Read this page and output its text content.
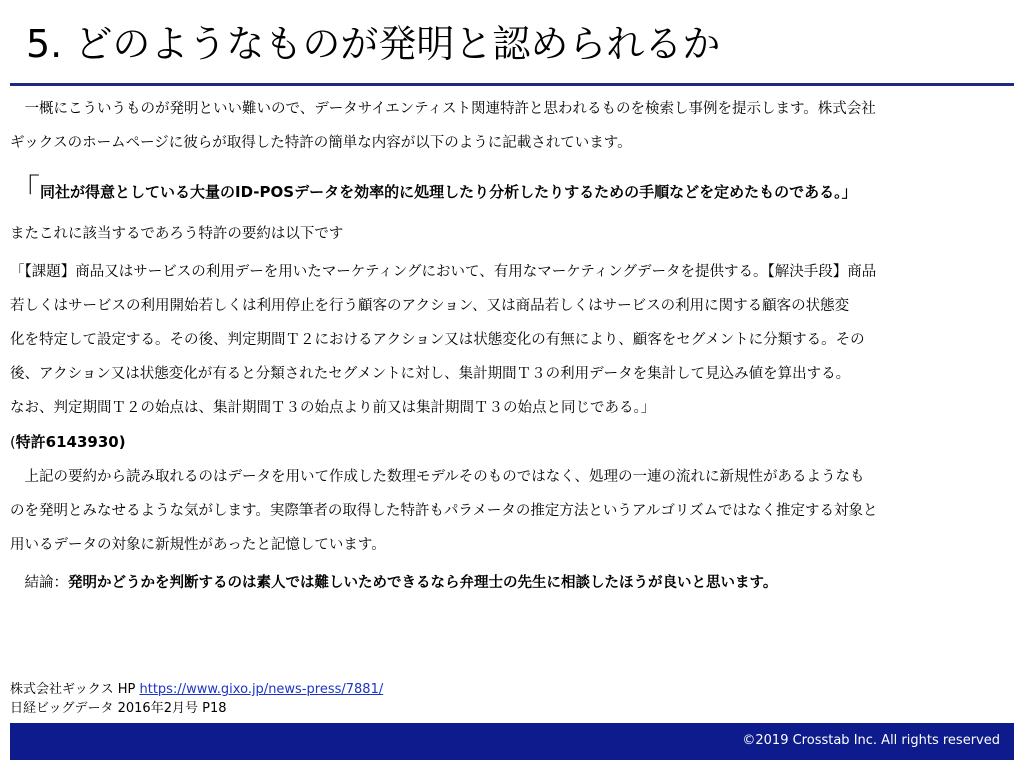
5. どのようなものが発明と認められるか

　一概にこういうものが発明といい難いので、データサイエンティスト関連特許と思われるものを検索し事例を提示します。株式会社

ギックスのホームページに彼らが取得した特許の簡単な内容が以下のように記載されています。

「同社が得意としている大量のID-POSデータを効率的に処理したり分析したりするための手順などを定めたものである。」

またこれに該当するであろう特許の要約は以下です

「【課題】商品又はサービスの利用デーを用いたマーケティングにおいて、有用なマーケティングデータを提供する。【解決手段】商品

若しくはサービスの利用開始若しくは利用停止を行う顧客のアクション、又は商品若しくはサービスの利用に関する顧客の状態変

化を特定して設定する。その後、判定期間Ｔ２におけるアクション又は状態変化の有無により、顧客をセグメントに分類する。その

後、アクション又は状態変化が有ると分類されたセグメントに対し、集計期間Ｔ３の利用データを集計して見込み値を算出する。

なお、判定期間Ｔ２の始点は、集計期間Ｔ３の始点より前又は集計期間Ｔ３の始点と同じである。」

(特許6143930)

　上記の要約から読み取れるのはデータを用いて作成した数理モデルそのものではなく、処理の一連の流れに新規性があるようなも

のを発明とみなせるような気がします。実際筆者の取得した特許もパラメータの推定方法というアルゴリズムではなく推定する対象と

用いるデータの対象に新規性があったと記憶しています。

　結論：発明かどうかを判断するのは素人では難しいためできるなら弁理士の先生に相談したほうが良いと思います。

株式会社ギックス HP https://www.gixo.jp/news-press/7881/
日経ビッグデータ 2016年2月号 P18
©2019 Crosstab Inc. All rights reserved
